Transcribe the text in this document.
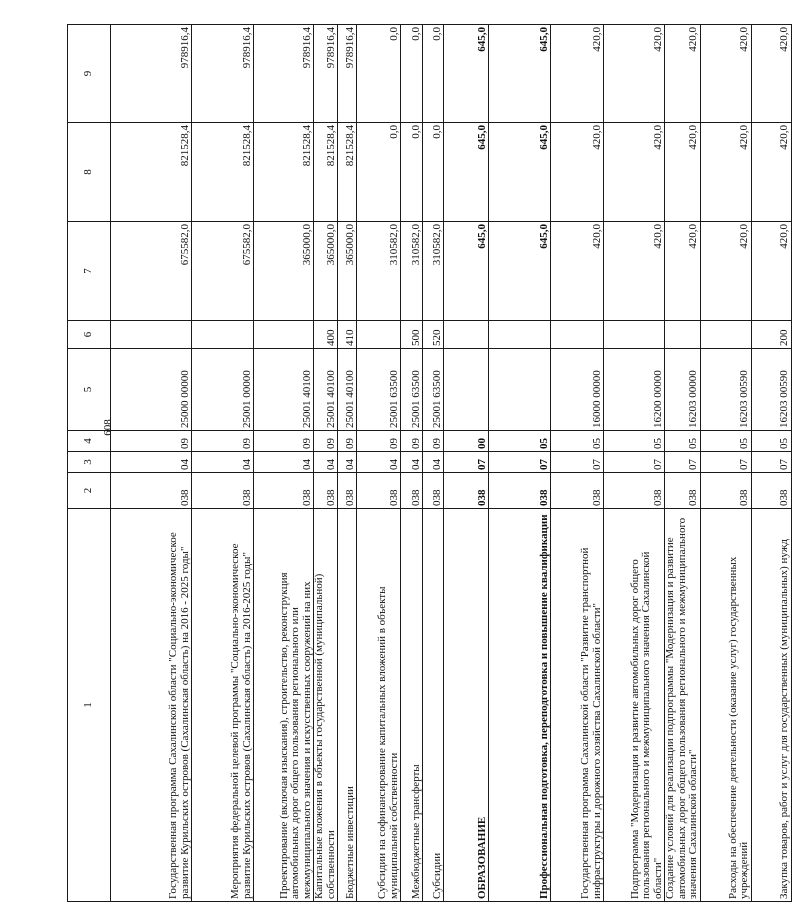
608
1	2	3	4	5	6	7	8	9
Государственная программа Сахалинской области "Социально-экономическое развитие Курильских островов (Сахалинская область) на 2016 - 2025 годы"	038	04	09	25000 00000		675582,0	821528,4	978916,4
Мероприятия федеральной целевой программы "Социально-экономическое развитие Курильских островов (Сахалинская область) на 2016-2025 годы"	038	04	09	25001 00000		675582,0	821528,4	978916,4
Проектирование (включая изыскания), строительство, реконструкция автомобильных дорог общего пользования регионального или межмуниципального значения и искусственных сооружений на них	038	04	09	25001 40100		365000,0	821528,4	978916,4
Капитальные вложения в объекты государственной (муниципальной) собственности	038	04	09	25001 40100	400	365000,0	821528,4	978916,4
Бюджетные инвестиции	038	04	09	25001 40100	410	365000,0	821528,4	978916,4
Субсидии на софинансирование капитальных вложений в объекты муниципальной собственности	038	04	09	25001 63500		310582,0	0,0	0,0
Межбюджетные трансферты	038	04	09	25001 63500	500	310582,0	0,0	0,0
Субсидии	038	04	09	25001 63500	520	310582,0	0,0	0,0
ОБРАЗОВАНИЕ	038	07	00			645,0	645,0	645,0
Профессиональная подготовка, переподготовка и повышение квалификации	038	07	05			645,0	645,0	645,0
Государственная программа Сахалинской области "Развитие транспортной инфраструктуры и дорожного хозяйства Сахалинской области"	038	07	05	16000 00000		420,0	420,0	420,0
Подпрограмма "Модернизация и развитие автомобильных дорог общего пользования регионального и межмуниципального значения Сахалинской области"	038	07	05	16200 00000		420,0	420,0	420,0
Создание условий для реализации подпрограммы "Модернизация и развитие автомобильных дорог общего пользования регионального и межмуниципального значения Сахалинской области"	038	07	05	16203 00000		420,0	420,0	420,0
Расходы на обеспечение деятельности (оказание услуг) государственных учреждений	038	07	05	16203 00590		420,0	420,0	420,0
Закупка товаров, работ и услуг для государственных (муниципальных) нужд	038	07	05	16203 00590	200	420,0	420,0	420,0
